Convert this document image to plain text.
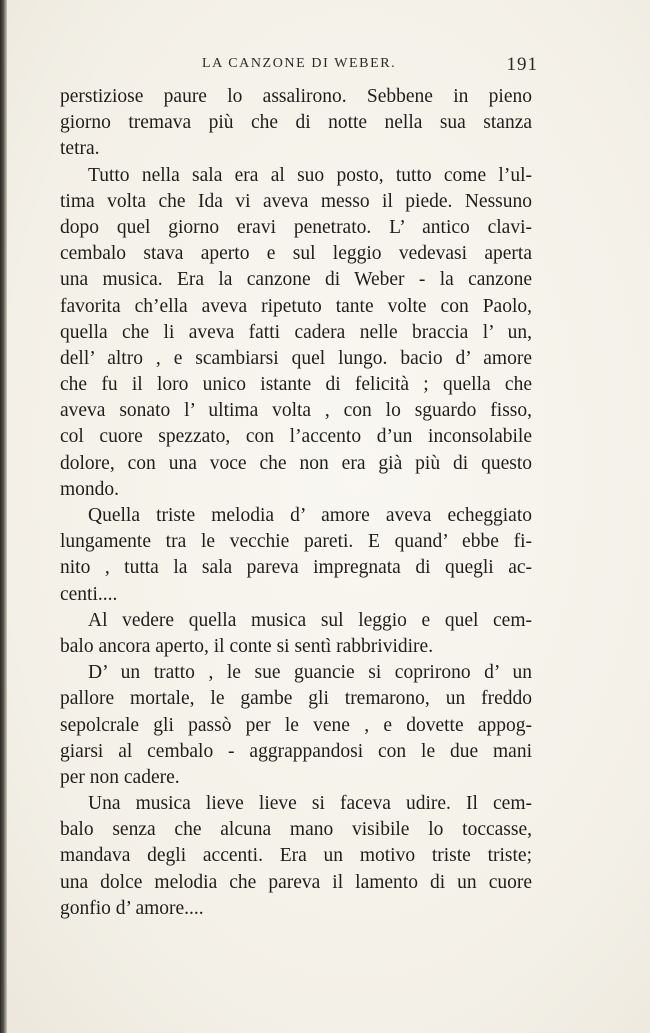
LA CANZONE DI WEBER.	191
perstiziose paure lo assalirono. Sebbene in pieno
giorno tremava più che di notte nella sua stanza
tetra.
Tutto nella sala era al suo posto, tutto come l’ul-
tima volta che Ida vi aveva messo il piede. Nessuno
dopo quel giorno eravi penetrato. L’ antico clavi-
cembalo stava aperto e sul leggio vedevasi aperta
una musica. Era la canzone di Weber - la canzone
favorita ch’ella aveva ripetuto tante volte con Paolo,
quella che li aveva fatti cadera nelle braccia l’ un,
dell’ altro , e scambiarsi quel lungo. bacio d’ amore
che fu il loro unico istante di felicità ; quella che
aveva sonato l’ ultima volta , con lo sguardo fisso,
col cuore spezzato, con l’accento d’un inconsolabile
dolore, con una voce che non era già più di questo
mondo.
Quella triste melodia d’ amore aveva echeggiato
lungamente tra le vecchie pareti. E quand’ ebbe fi-
nito , tutta la sala pareva impregnata di quegli ac-
centi....
Al vedere quella musica sul leggio e quel cem-
balo ancora aperto, il conte si sentì rabbrividire.
D’ un tratto , le sue guancie si coprirono d’ un
pallore mortale, le gambe gli tremarono, un freddo
sepolcrale gli passò per le vene , e dovette appog-
giarsi al cembalo - aggrappandosi con le due mani
per non cadere.
Una musica lieve lieve si faceva udire. Il cem-
balo senza che alcuna mano visibile lo toccasse,
mandava degli accenti. Era un motivo triste triste;
una dolce melodia che pareva il lamento di un cuore
gonfio d’ amore....
